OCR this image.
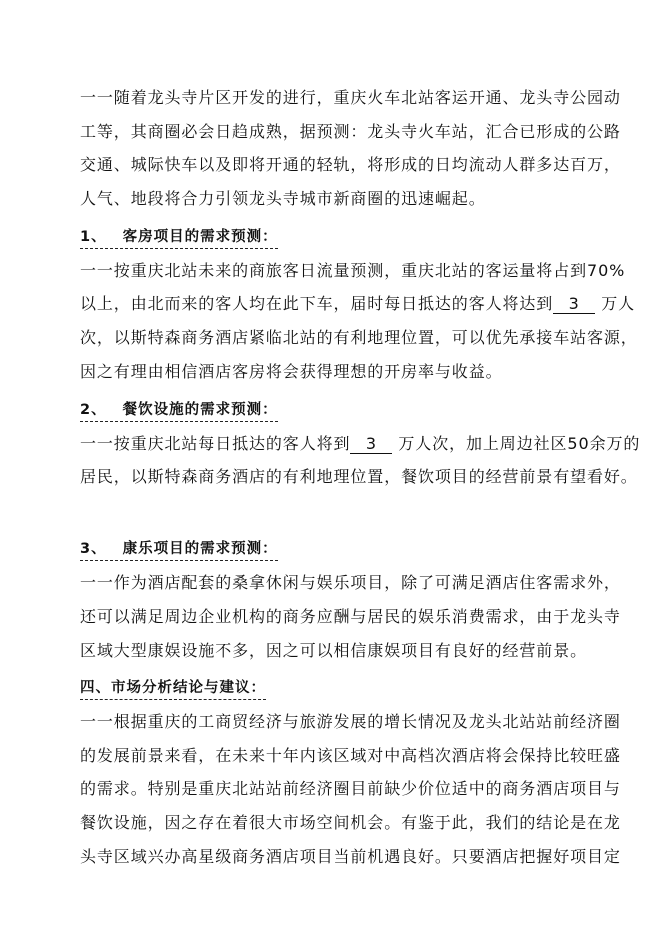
一一随着龙头寺片区开发的进行，重庆火车北站客运开通、龙头寺公园动
工等，其商圈必会日趋成熟，据预测：龙头寺火车站，汇合已形成的公路
交通、城际快车以及即将开通的轻轨，将形成的日均流动人群多达百万，
人气、地段将合力引领龙头寺城市新商圈的迅速崛起。
1、 客房项目的需求预测：
一一按重庆北站未来的商旅客日流量预测，重庆北站的客运量将占到70%
以上，由北而来的客人均在此下车，届时每日抵达的客人将达到 3 万人
次，以斯特森商务酒店紧临北站的有利地理位置，可以优先承接车站客源，
因之有理由相信酒店客房将会获得理想的开房率与收益。
2、 餐饮设施的需求预测：
一一按重庆北站每日抵达的客人将到 3 万人次，加上周边社区50余万的
居民，以斯特森商务酒店的有利地理位置，餐饮项目的经营前景有望看好。
3、 康乐项目的需求预测：
一一作为酒店配套的桑拿休闲与娱乐项目，除了可满足酒店住客需求外，
还可以满足周边企业机构的商务应酬与居民的娱乐消费需求，由于龙头寺
区域大型康娱设施不多，因之可以相信康娱项目有良好的经营前景。
四、市场分析结论与建议：
一一根据重庆的工商贸经济与旅游发展的增长情况及龙头北站站前经济圈
的发展前景来看，在未来十年内该区域对中高档次酒店将会保持比较旺盛
的需求。特别是重庆北站站前经济圈目前缺少价位适中的商务酒店项目与
餐饮设施，因之存在着很大市场空间机会。有鉴于此，我们的结论是在龙
头寺区域兴办高星级商务酒店项目当前机遇良好。只要酒店把握好项目定
